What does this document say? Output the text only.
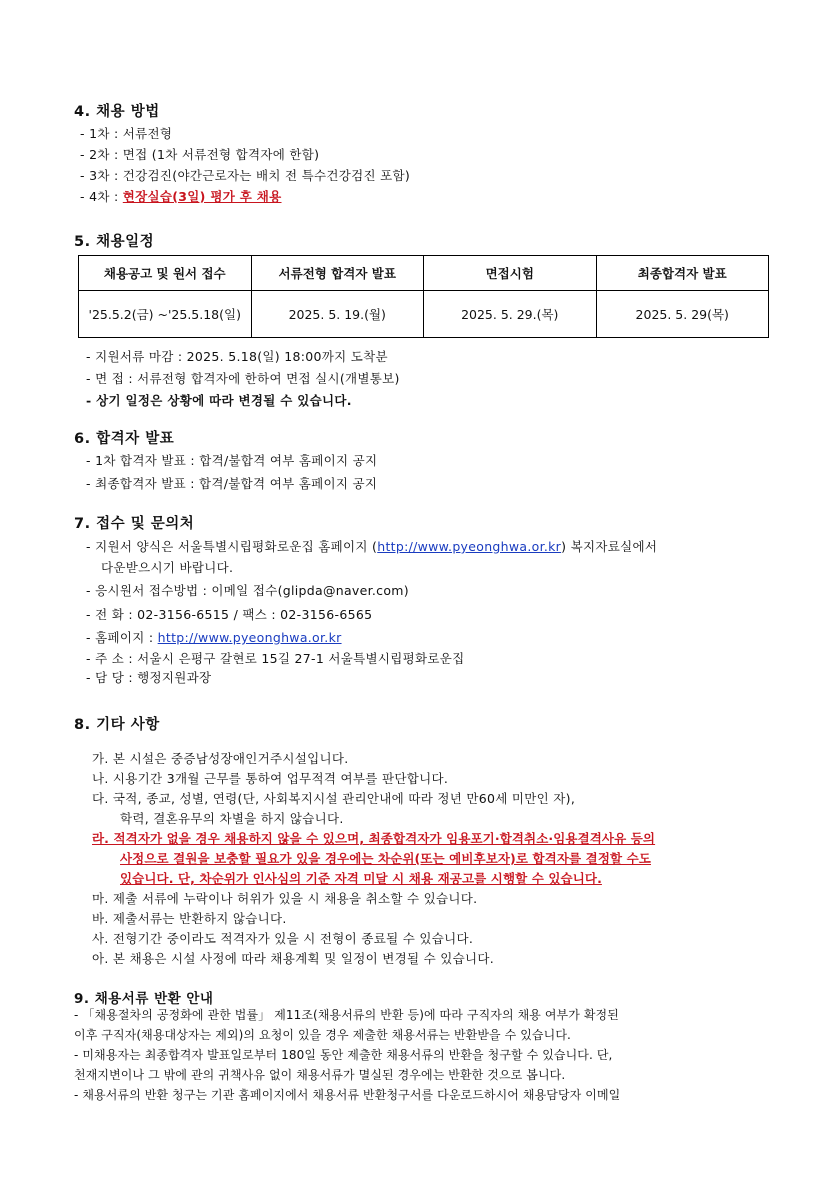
4. 채용 방법
- 1차 : 서류전형
- 2차 : 면접 (1차 서류전형 합격자에 한함)
- 3차 : 건강검진(야간근로자는 배치 전 특수건강검진 포함)
- 4차 : 현장실습(3일) 평가 후 채용
5. 채용일정
채용공고 및 원서 접수	서류전형 합격자 발표	면접시험	최종합격자 발표
'25.5.2(금) ~'25.5.18(일)	2025. 5. 19.(월)	2025. 5. 29.(목)	2025. 5. 29(목)
- 지원서류 마감 : 2025. 5.18(일) 18:00까지 도착분
- 면 접 : 서류전형 합격자에 한하여 면접 실시(개별통보)
- 상기 일정은 상황에 따라 변경될 수 있습니다.
6. 합격자 발표
- 1차 합격자 발표 : 합격/불합격 여부 홈페이지 공지
- 최종합격자 발표 : 합격/불합격 여부 홈페이지 공지
7. 접수 및 문의처
- 지원서 양식은 서울특별시립평화로운집 홈페이지 (http://www.pyeonghwa.or.kr) 복지자료실에서
다운받으시기 바랍니다.
- 응시원서 접수방법 : 이메일 접수(glipda@naver.com)
- 전 화 : 02-3156-6515 / 팩스 : 02-3156-6565
- 홈페이지 : http://www.pyeonghwa.or.kr
- 주 소 : 서울시 은평구 갈현로 15길 27-1 서울특별시립평화로운집
- 담 당 : 행정지원과장
8. 기타 사항
가. 본 시설은 중증남성장애인거주시설입니다.
나. 시용기간 3개월 근무를 통하여 업무적격 여부를 판단합니다.
다. 국적, 종교, 성별, 연령(단, 사회복지시설 관리안내에 따라 정년 만60세 미만인 자),
학력, 결혼유무의 차별을 하지 않습니다.
라. 적격자가 없을 경우 채용하지 않을 수 있으며, 최종합격자가 임용포기·합격취소·임용결격사유 등의
사정으로 결원을 보충할 필요가 있을 경우에는 차순위(또는 예비후보자)로 합격자를 결정할 수도
있습니다. 단, 차순위가 인사심의 기준 자격 미달 시 채용 재공고를 시행할 수 있습니다.
마. 제출 서류에 누락이나 허위가 있을 시 채용을 취소할 수 있습니다.
바. 제출서류는 반환하지 않습니다.
사. 전형기간 중이라도 적격자가 있을 시 전형이 종료될 수 있습니다.
아. 본 채용은 시설 사정에 따라 채용계획 및 일정이 변경될 수 있습니다.
9. 채용서류 반환 안내
- 「채용절차의 공정화에 관한 법률」 제11조(채용서류의 반환 등)에 따라 구직자의 채용 여부가 확정된
이후 구직자(채용대상자는 제외)의 요청이 있을 경우 제출한 채용서류는 반환받을 수 있습니다.
- 미채용자는 최종합격자 발표일로부터 180일 동안 제출한 채용서류의 반환을 청구할 수 있습니다. 단,
천재지변이나 그 밖에 관의 귀책사유 없이 채용서류가 멸실된 경우에는 반환한 것으로 봅니다.
- 채용서류의 반환 청구는 기관 홈페이지에서 채용서류 반환청구서를 다운로드하시어 채용담당자 이메일
